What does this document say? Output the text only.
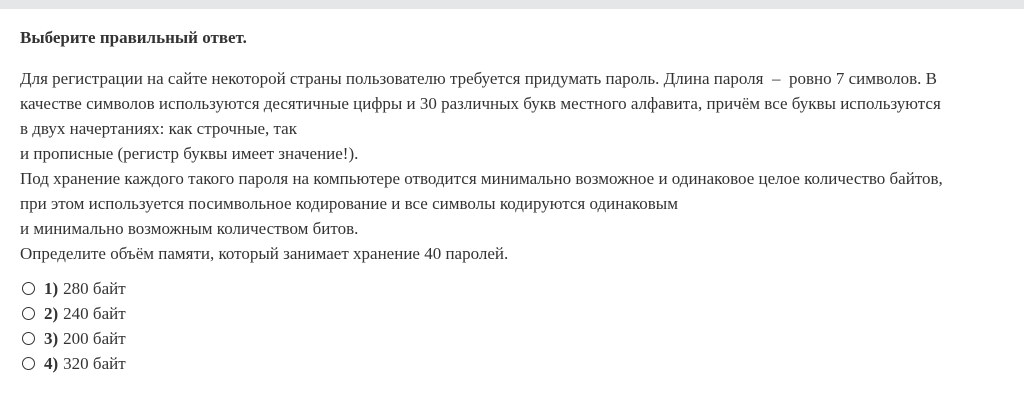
Выберите правильный ответ.
Для регистрации на сайте некоторой страны пользователю требуется придумать пароль. Длина пароля  –  ровно 7 символов. В
качестве символов используются десятичные цифры и 30 различных букв местного алфавита, причём все буквы используются
в двух начертаниях: как строчные, так
и прописные (регистр буквы имеет значение!).
Под хранение каждого такого пароля на компьютере отводится минимально возможное и одинаковое целое количество байтов,
при этом используется посимвольное кодирование и все символы кодируются одинаковым
и минимально возможным количеством битов.
Определите объём памяти, который занимает хранение 40 паролей.
1) 280 байт
2) 240 байт
3) 200 байт
4) 320 байт
